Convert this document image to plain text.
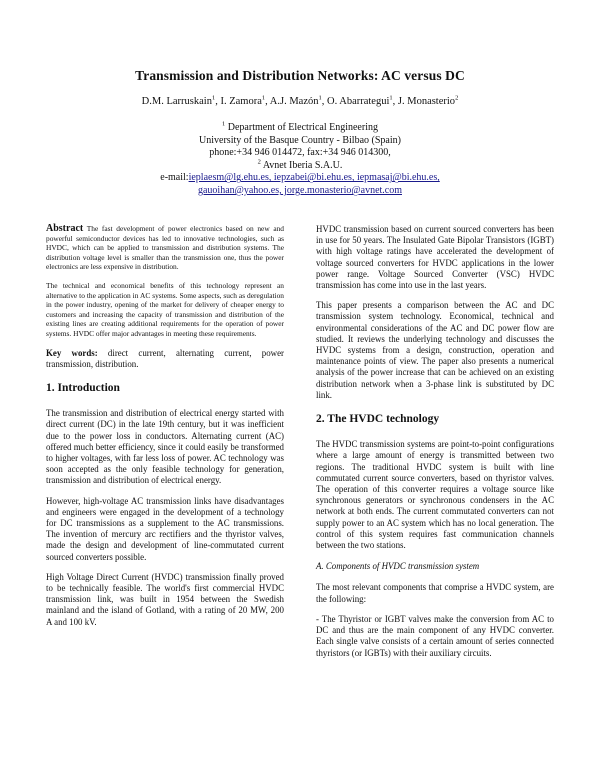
Transmission and Distribution Networks: AC versus DC
D.M. Larruskain$^1$, I. Zamora$^1$, A.J. Mazón$^1$, O. Abarrategui$^1$, J. Monasterio$^2$
$^1$ Department of Electrical Engineering
University of the Basque Country - Bilbao (Spain)
phone:+34 946 014472, fax:+34 946 014300,
$^2$ Avnet Iberia S.A.U.
e-mail:ieplaesm@lg.ehu.es, iepzabei@bi.ehu.es, iepmasaj@bi.ehu.es,
gauoihan@yahoo.es, jorge.monasterio@avnet.com

Abstract The fast development of power electronics based on new and powerful semiconductor devices has led to innovative technologies, such as HVDC, which can be applied to transmission and distribution systems. The distribution voltage level is smaller than the transmission one, thus the power electronics are less expensive in distribution.

The technical and economical benefits of this technology represent an alternative to the application in AC systems. Some aspects, such as deregulation in the power industry, opening of the market for delivery of cheaper energy to customers and increasing the capacity of transmission and distribution of the existing lines are creating additional requirements for the operation of power systems. HVDC offer major advantages in meeting these requirements.

Key words: direct current, alternating current, power transmission, distribution.

1. Introduction

The transmission and distribution of electrical energy started with direct current (DC) in the late 19th century, but it was inefficient due to the power loss in conductors. Alternating current (AC) offered much better efficiency, since it could easily be transformed to higher voltages, with far less loss of power. AC technology was soon accepted as the only feasible technology for generation, transmission and distribution of electrical energy.

However, high-voltage AC transmission links have disadvantages and engineers were engaged in the development of a technology for DC transmissions as a supplement to the AC transmissions. The invention of mercury arc rectifiers and the thyristor valves, made the design and development of line-commutated current sourced converters possible.

High Voltage Direct Current (HVDC) transmission finally proved to be technically feasible. The world's first commercial HVDC transmission link, was built in 1954 between the Swedish mainland and the island of Gotland, with a rating of 20 MW, 200 A and 100 kV.

HVDC transmission based on current sourced converters has been in use for 50 years. The Insulated Gate Bipolar Transistors (IGBT) with high voltage ratings have accelerated the development of voltage sourced converters for HVDC applications in the lower power range. Voltage Sourced Converter (VSC) HVDC transmission has come into use in the last years.

This paper presents a comparison between the AC and DC transmission system technology. Economical, technical and environmental considerations of the AC and DC power flow are studied. It reviews the underlying technology and discusses the HVDC systems from a design, construction, operation and maintenance points of view. The paper also presents a numerical analysis of the power increase that can be achieved on an existing distribution network when a 3-phase link is substituted by DC link.

2. The HVDC technology

The HVDC transmission systems are point-to-point configurations where a large amount of energy is transmitted between two regions. The traditional HVDC system is built with line commutated current source converters, based on thyristor valves. The operation of this converter requires a voltage source like synchronous generators or synchronous condensers in the AC network at both ends. The current commutated converters can not supply power to an AC system which has no local generation. The control of this system requires fast communication channels between the two stations.

A. Components of HVDC transmission system

The most relevant components that comprise a HVDC system, are the following:

- The Thyristor or IGBT valves make the conversion from AC to DC and thus are the main component of any HVDC converter. Each single valve consists of a certain amount of series connected thyristors (or IGBTs) with their auxiliary circuits.
